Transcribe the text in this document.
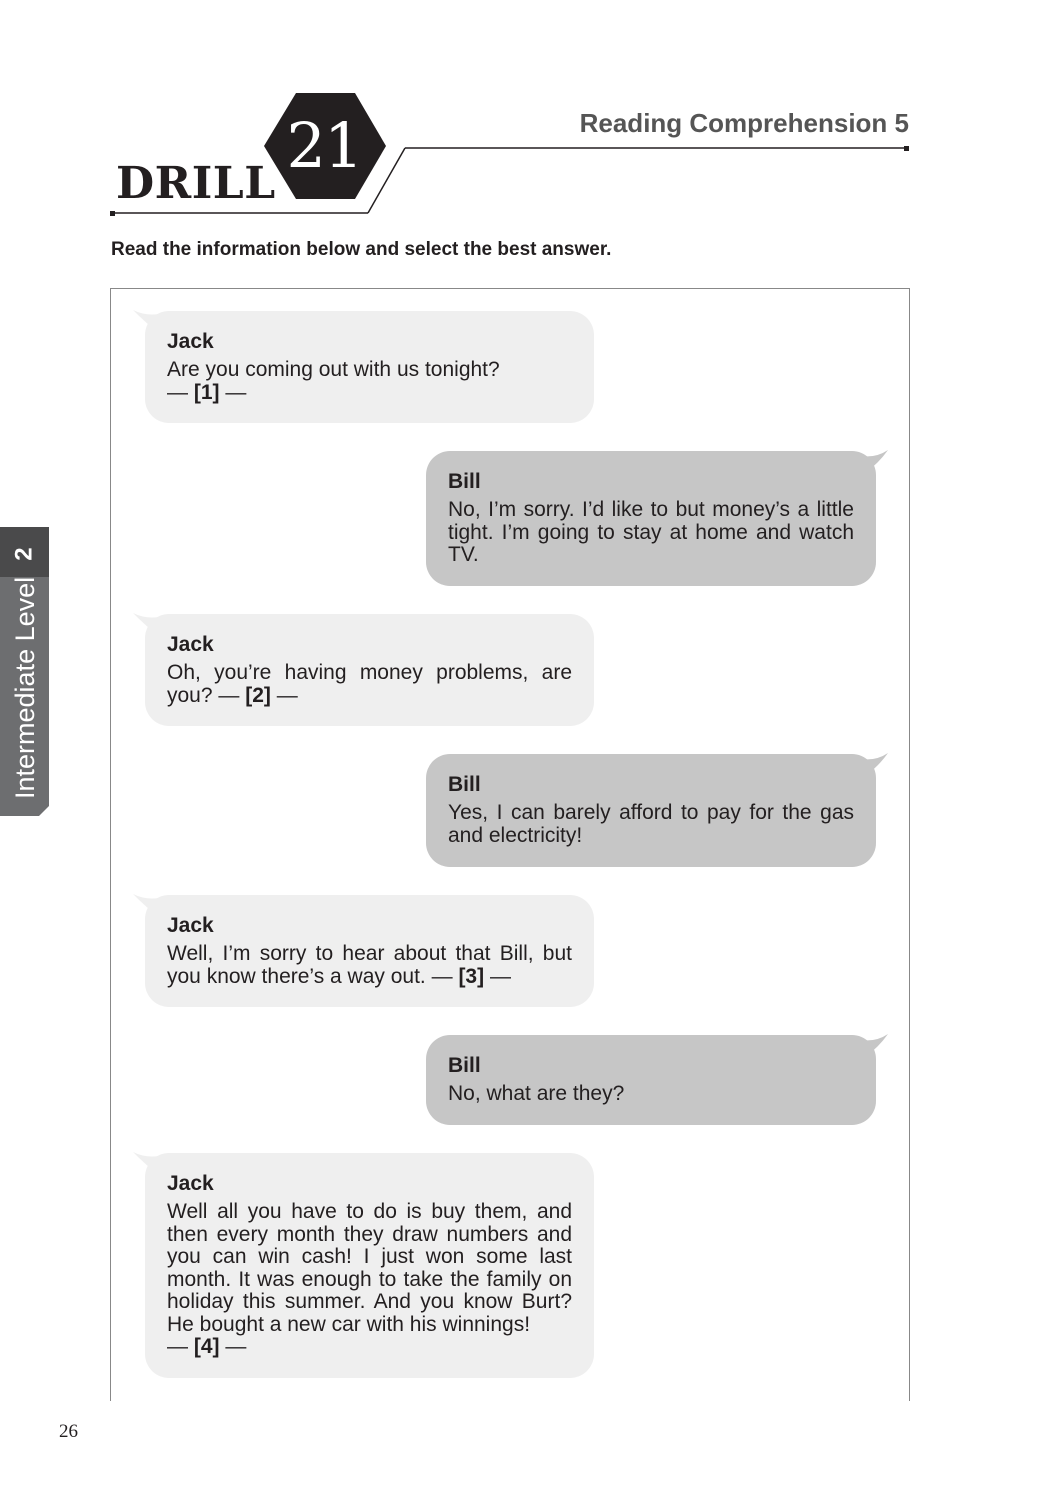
DRILL
21	Reading Comprehension 5
Read the information below and select the best answer.
2
Intermediate Level
Jack
Are you coming out with us tonight?
— [1] —
Bill
No, I’m sorry. I’d like to but money’s a little tight. I’m going to stay at home and watch TV.
Jack
Oh, you’re having money problems, are you? — [2] —
Bill
Yes, I can barely afford to pay for the gas and electricity!
Jack
Well, I’m sorry to hear about that Bill, but you know there’s a way out. — [3] —
Bill
No, what are they?
Jack
Well all you have to do is buy them, and then every month they draw numbers and you can win cash! I just won some last month. It was enough to take the family on holiday this summer. And you know Burt? He bought a new car with his winnings!
— [4] —
26
